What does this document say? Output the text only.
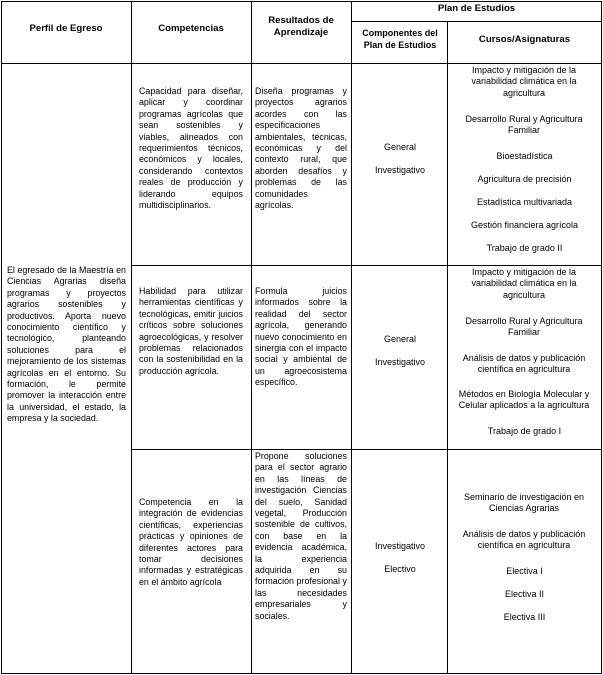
Perfil de Egreso	Competencias

Resultados de Aprendizaje

Plan de Estudios

Componentes del Plan de Estudios	Cursos/Asignaturas

El egresado de la Maestría en Ciencias Agrarias diseña programas y proyectos agrarios sostenibles y productivos. Aporta nuevo conocimiento científico y tecnológico, planteando soluciones para el mejoramiento de los sistemas agrícolas en el entorno. Su formación, le permite promover la interacción entre la universidad, el estado, la empresa y la sociedad.

Capacidad para diseñar, aplicar y coordinar programas agrícolas que sean sostenibles y viables, alineados con requerimientos técnicos, económicos y locales, considerando contextos reales de producción y liderando equipos multidisciplinarios.

Diseña programas y proyectos agrarios acordes con las especificaciones ambientales, técnicas, económicas y del contexto rural, que aborden desafíos y problemas de las comunidades agrícolas.

General

Investigativo

Impacto y mitigación de la variabilidad climática en la agricultura

Desarrollo Rural y Agricultura Familiar

Bioestadística

Agricultura de precisión

Estadística multivariada

Gestión financiera agrícola

Trabajo de grado II

Habilidad para utilizar herramientas científicas y tecnológicas, emitir juicios críticos sobre soluciones agroecológicas, y resolver problemas relacionados con la sostenibilidad en la producción agrícola.

Formula juicios informados sobre la realidad del sector agrícola, generando nuevo conocimiento en sinergia con el impacto social y ambiental de un agroecosistema específico.

General

Investigativo

Impacto y mitigación de la variabilidad climática en la agricultura

Desarrollo Rural y Agricultura Familiar

Análisis de datos y publicación científica en agricultura

Métodos en Biología Molecular y Celular aplicados a la agricultura

Trabajo de grado I

Competencia en la integración de evidencias científicas, experiencias prácticas y opiniones de diferentes actores para tomar decisiones informadas y estratégicas en el ámbito agrícola

Propone soluciones para el sector agrario en las líneas de investigación Ciencias del suelo, Sanidad vegetal, Producción sostenible de cultivos, con base en la evidencia académica, la experiencia adquirida en su formación profesional y las necesidades empresariales y sociales.

Investigativo

Electivo

Seminario de investigación en Ciencias Agrarias

Análisis de datos y publicación científica en agricultura

Electiva I

Electiva II

Electiva III
